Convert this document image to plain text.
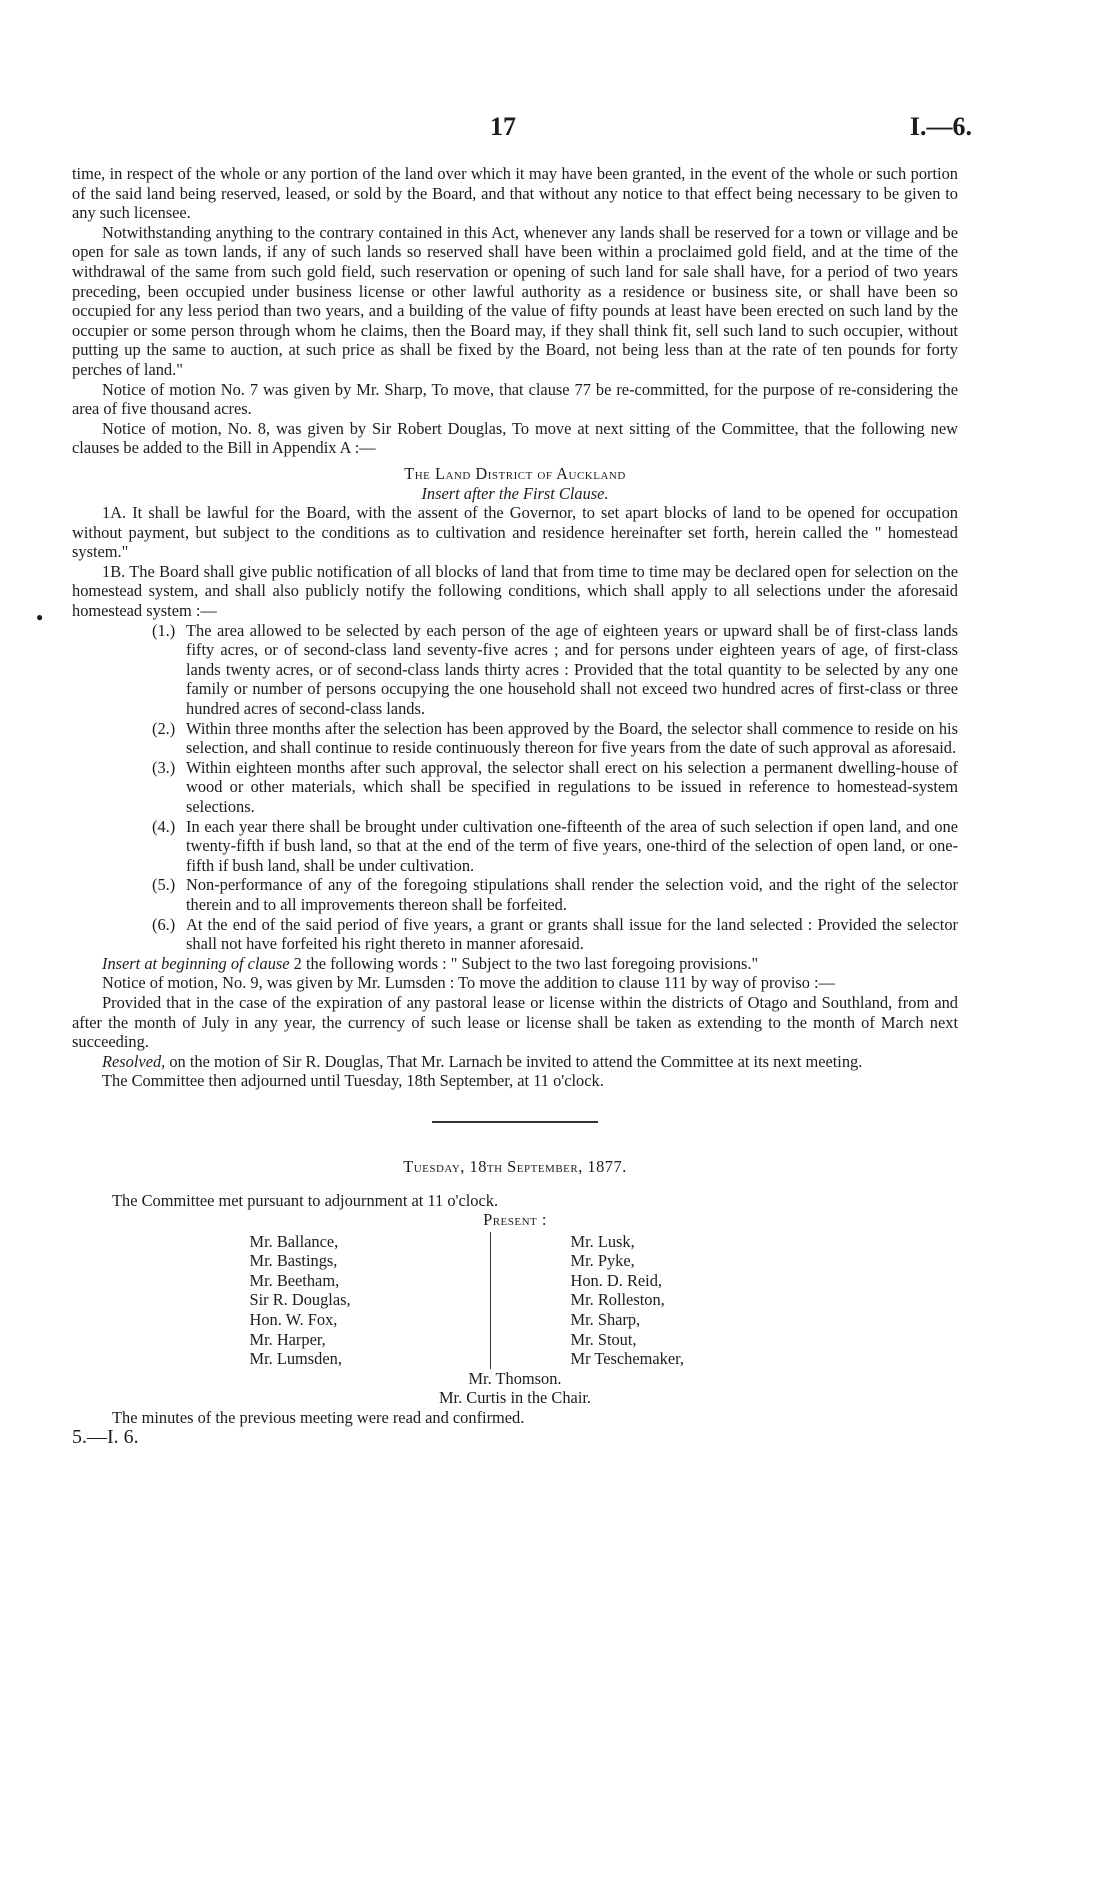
17	I.—6.
●

time, in respect of the whole or any portion of the land over which it may have been granted, in the event of the whole or such portion of the said land being reserved, leased, or sold by the Board, and that without any notice to that effect being necessary to be given to any such licensee.

Notwithstanding anything to the contrary contained in this Act, whenever any lands shall be reserved for a town or village and be open for sale as town lands, if any of such lands so reserved shall have been within a proclaimed gold field, and at the time of the withdrawal of the same from such gold field, such reservation or opening of such land for sale shall have, for a period of two years preceding, been occupied under business license or other lawful authority as a residence or business site, or shall have been so occupied for any less period than two years, and a building of the value of fifty pounds at least have been erected on such land by the occupier or some person through whom he claims, then the Board may, if they shall think fit, sell such land to such occupier, without putting up the same to auction, at such price as shall be fixed by the Board, not being less than at the rate of ten pounds for forty perches of land."

Notice of motion No. 7 was given by Mr. Sharp, To move, that clause 77 be re-committed, for the purpose of re-considering the area of five thousand acres.

Notice of motion, No. 8, was given by Sir Robert Douglas, To move at next sitting of the Committee, that the following new clauses be added to the Bill in Appendix A :—

The Land District of Auckland

Insert after the First Clause.

1A. It shall be lawful for the Board, with the assent of the Governor, to set apart blocks of land to be opened for occupation without payment, but subject to the conditions as to cultivation and residence hereinafter set forth, herein called the " homestead system."

1B. The Board shall give public notification of all blocks of land that from time to time may be declared open for selection on the homestead system, and shall also publicly notify the following conditions, which shall apply to all selections under the aforesaid homestead system :—

(1.) The area allowed to be selected by each person of the age of eighteen years or upward shall be of first-class lands fifty acres, or of second-class land seventy-five acres ; and for persons under eighteen years of age, of first-class lands twenty acres, or of second-class lands thirty acres : Provided that the total quantity to be selected by any one family or number of persons occupying the one household shall not exceed two hundred acres of first-class or three hundred acres of second-class lands.
(2.) Within three months after the selection has been approved by the Board, the selector shall commence to reside on his selection, and shall continue to reside continuously thereon for five years from the date of such approval as aforesaid.
(3.) Within eighteen months after such approval, the selector shall erect on his selection a permanent dwelling-house of wood or other materials, which shall be specified in regulations to be issued in reference to homestead-system selections.
(4.) In each year there shall be brought under cultivation one-fifteenth of the area of such selection if open land, and one twenty-fifth if bush land, so that at the end of the term of five years, one-third of the selection of open land, or one-fifth if bush land, shall be under cultivation.
(5.) Non-performance of any of the foregoing stipulations shall render the selection void, and the right of the selector therein and to all improvements thereon shall be forfeited.
(6.) At the end of the said period of five years, a grant or grants shall issue for the land selected : Provided the selector shall not have forfeited his right thereto in manner aforesaid.

Insert at beginning of clause 2 the following words : " Subject to the two last foregoing provisions."

Notice of motion, No. 9, was given by Mr. Lumsden : To move the addition to clause 111 by way of proviso :—

Provided that in the case of the expiration of any pastoral lease or license within the districts of Otago and Southland, from and after the month of July in any year, the currency of such lease or license shall be taken as extending to the month of March next succeeding.

Resolved, on the motion of Sir R. Douglas, That Mr. Larnach be invited to attend the Committee at its next meeting.

The Committee then adjourned until Tuesday, 18th September, at 11 o'clock.

Tuesday, 18th September, 1877.

The Committee met pursuant to adjournment at 11 o'clock.

Present :

Mr. Ballance,
Mr. Bastings,
Mr. Beetham,
Sir R. Douglas,
Hon. W. Fox,
Mr. Harper,
Mr. Lumsden,
Mr. Lusk,
Mr. Pyke,
Hon. D. Reid,
Mr. Rolleston,
Mr. Sharp,
Mr. Stout,
Mr Teschemaker,

Mr. Thomson.

Mr. Curtis in the Chair.

The minutes of the previous meeting were read and confirmed.

5.—I. 6.
